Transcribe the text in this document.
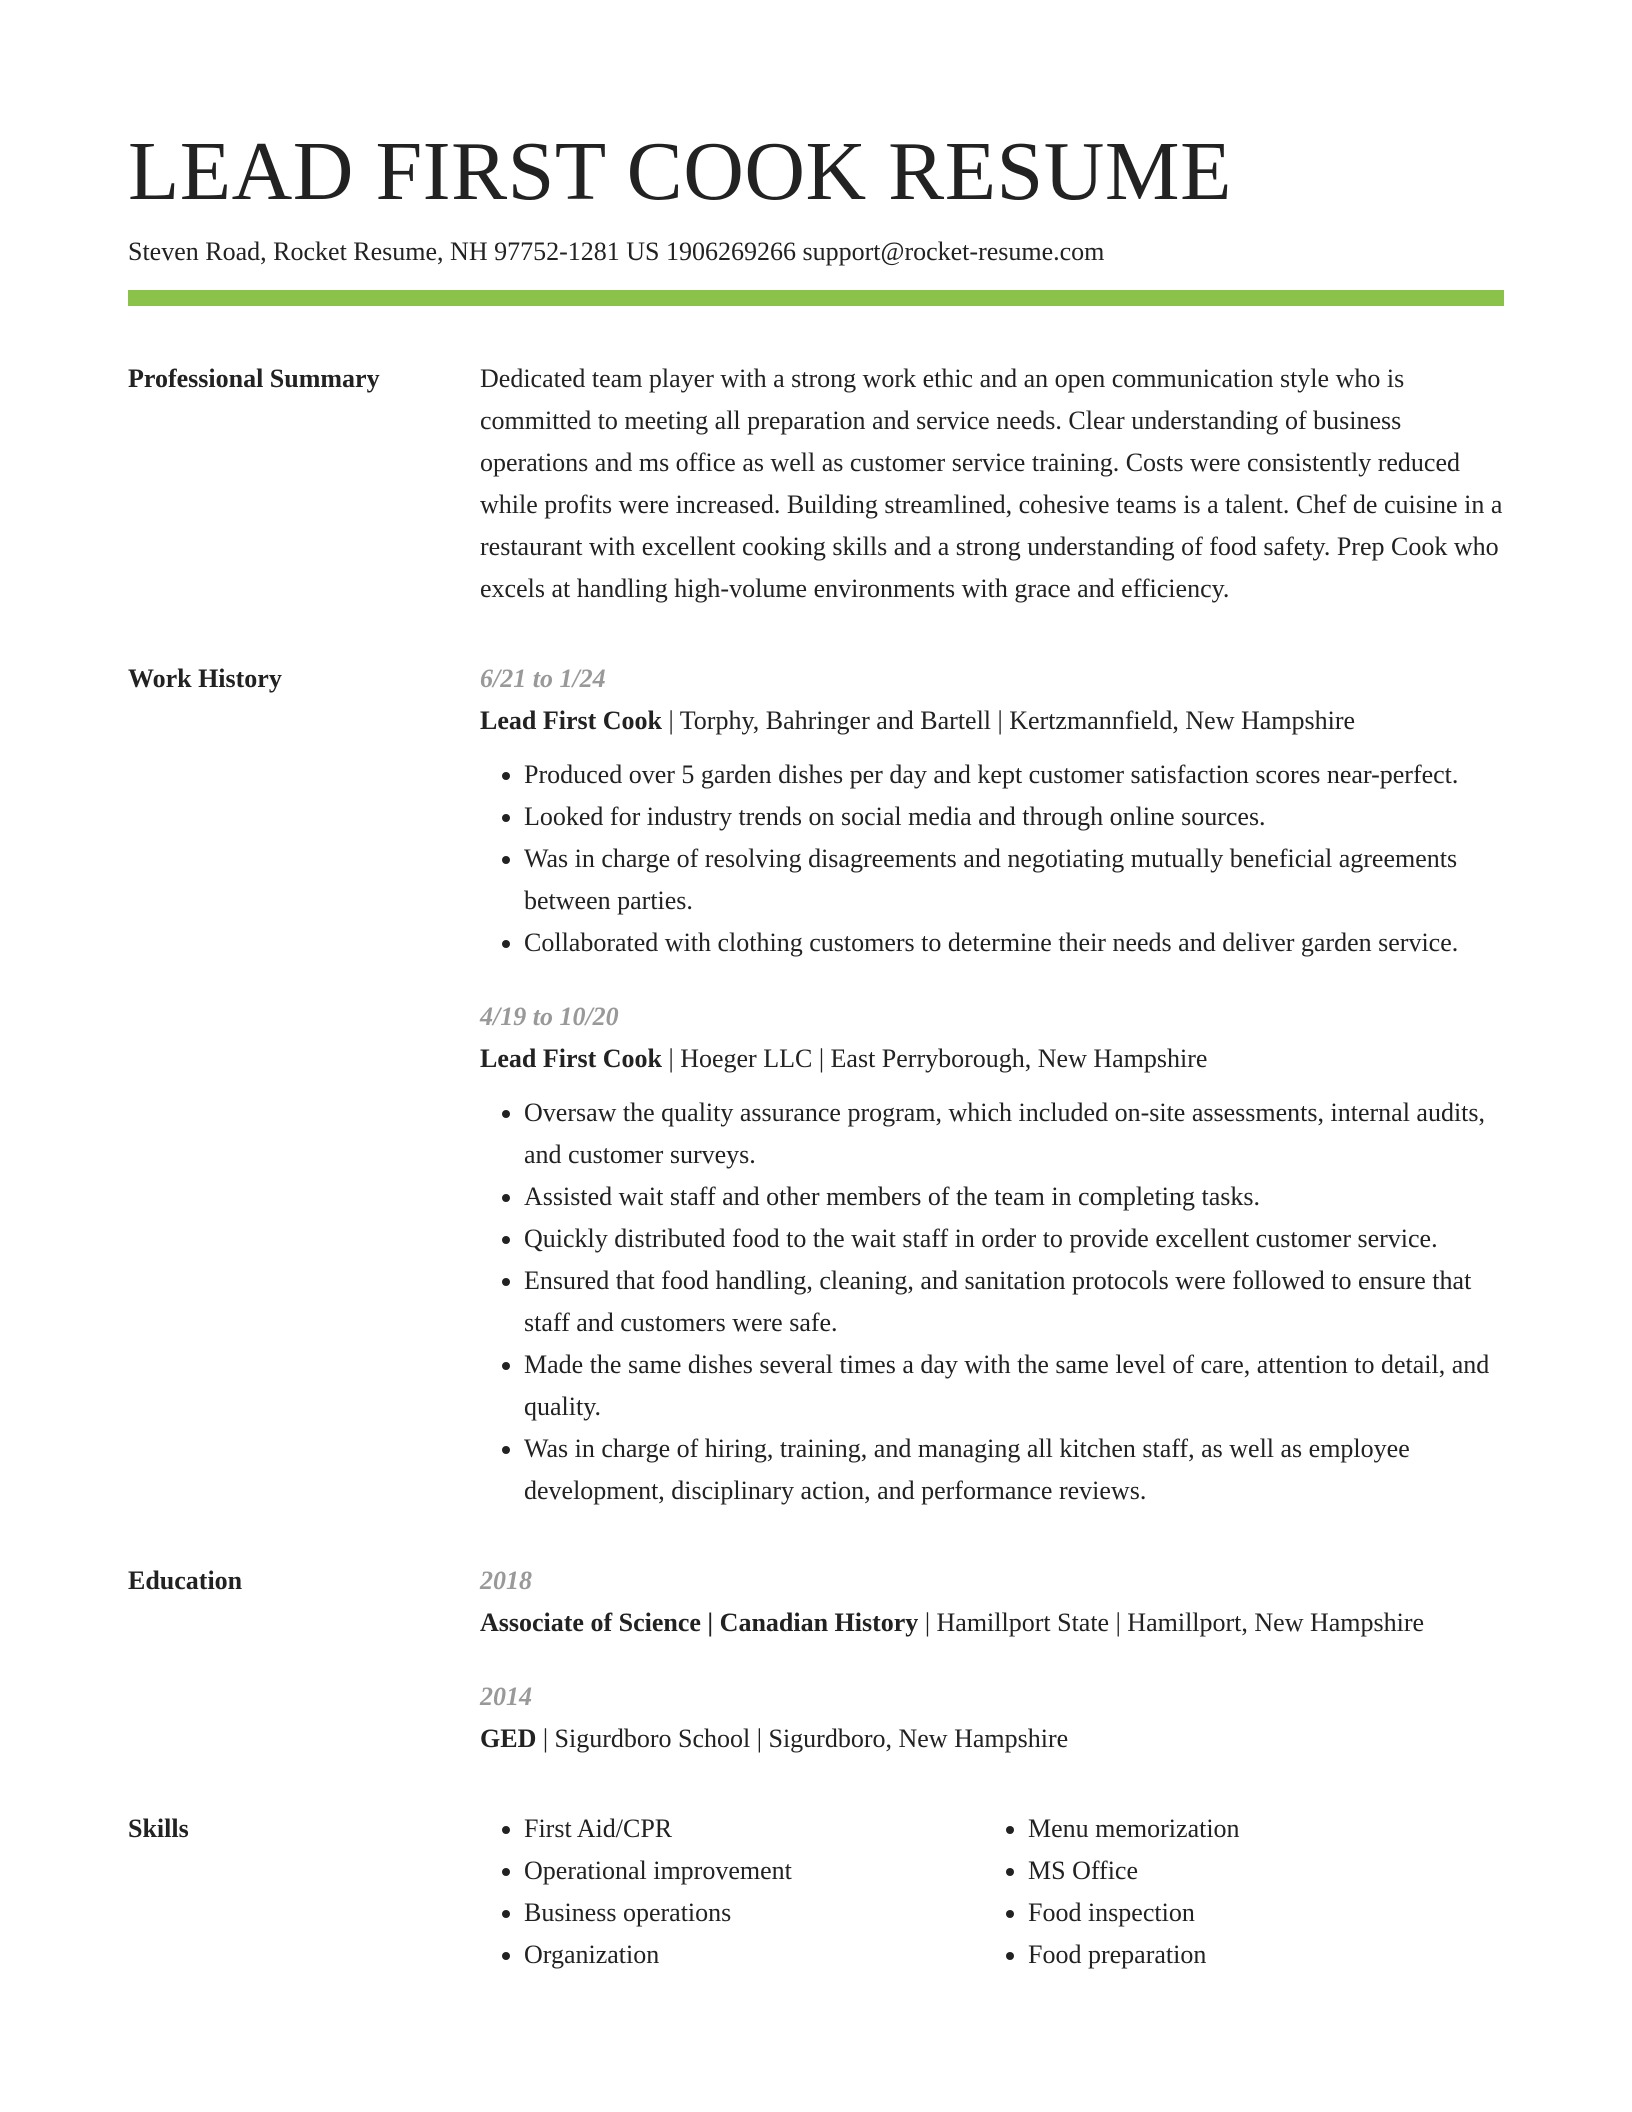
LEAD FIRST COOK RESUME
Steven Road, Rocket Resume, NH 97752-1281 US 1906269266 support@rocket-resume.com
Professional Summary	Dedicated team player with a strong work ethic and an open communication style who is committed to meeting all preparation and service needs. Clear understanding of business operations and ms office as well as customer service training. Costs were consistently reduced while profits were increased. Building streamlined, cohesive teams is a talent. Chef de cuisine in a restaurant with excellent cooking skills and a strong understanding of food safety. Prep Cook who excels at handling high-volume environments with grace and efficiency.

Work History	6/21 to 1/24
Lead First Cook | Torphy, Bahringer and Bartell | Kertzmannfield, New Hampshire
• Produced over 5 garden dishes per day and kept customer satisfaction scores near-perfect.
• Looked for industry trends on social media and through online sources.
• Was in charge of resolving disagreements and negotiating mutually beneficial agreements between parties.
• Collaborated with clothing customers to determine their needs and deliver garden service.
4/19 to 10/20
Lead First Cook | Hoeger LLC | East Perryborough, New Hampshire
• Oversaw the quality assurance program, which included on-site assessments, internal audits, and customer surveys.
• Assisted wait staff and other members of the team in completing tasks.
• Quickly distributed food to the wait staff in order to provide excellent customer service.
• Ensured that food handling, cleaning, and sanitation protocols were followed to ensure that staff and customers were safe.
• Made the same dishes several times a day with the same level of care, attention to detail, and quality.
• Was in charge of hiring, training, and managing all kitchen staff, as well as employee development, disciplinary action, and performance reviews.
Education	2018
Associate of Science | Canadian History | Hamillport State | Hamillport, New Hampshire
2014
GED | Sigurdboro School | Sigurdboro, New Hampshire
Skills
•	First Aid/CPR
• Operational improvement
• Business operations
• Organization
• Menu memorization
• MS Office
• Food inspection
• Food preparation
